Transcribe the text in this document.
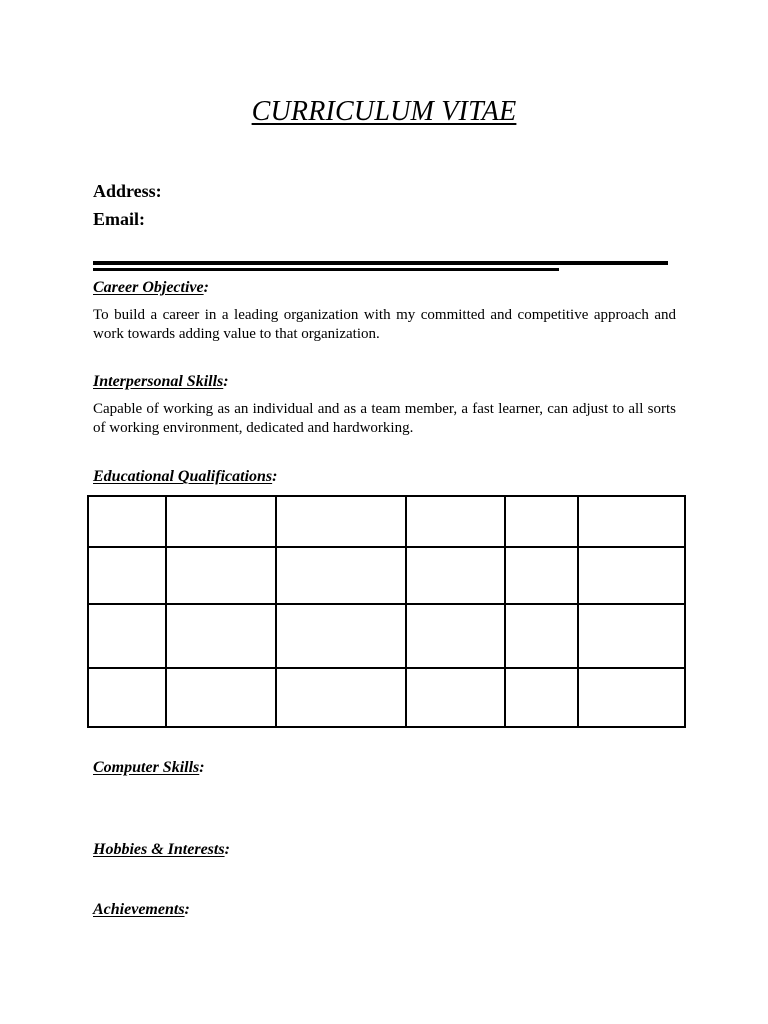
CURRICULUM VITAE
Address:
Email:
Career Objective:
To build a career in a leading organization with my committed and competitive approach and work towards adding value to that organization.
Interpersonal Skills:
Capable of working as an individual and as a team member, a fast learner, can adjust to all sorts of working environment, dedicated and hardworking.
Educational Qualifications:

Computer Skills:
Hobbies & Interests:
Achievements:
